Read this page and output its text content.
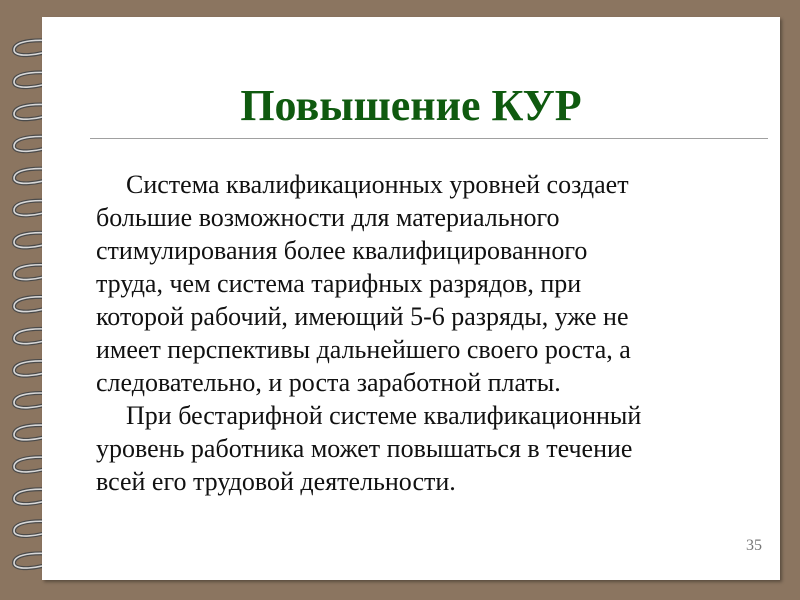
Повышение КУР

Система квалификационных уровней создает
большие возможности для материального
стимулирования более квалифицированного
труда, чем система тарифных разрядов, при
которой рабочий, имеющий 5-6 разряды, уже не
имеет перспективы дальнейшего своего роста, а
следовательно, и роста заработной платы.

При бестарифной системе квалификационный
уровень работника может повышаться в течение
всей его трудовой деятельности.

35
